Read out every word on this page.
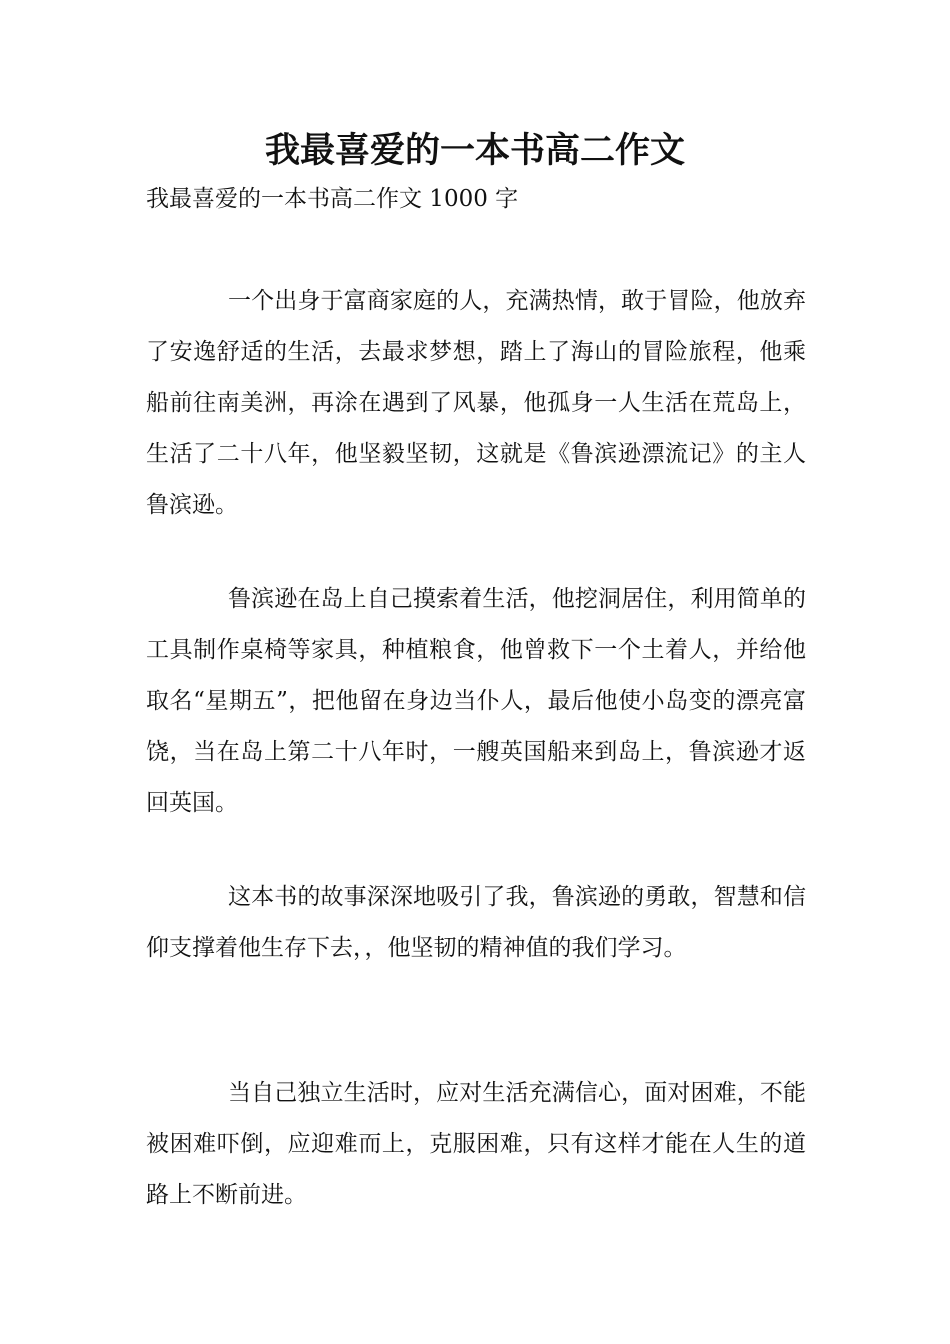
我最喜爱的一本书高二作文
我最喜爱的一本书高二作文 1000 字

一个出身于富商家庭的人，充满热情，敢于冒险，他放弃了安逸舒适的生活，去最求梦想，踏上了海山的冒险旅程，他乘船前往南美洲，再涂在遇到了风暴，他孤身一人生活在荒岛上，生活了二十八年，他坚毅坚韧，这就是《鲁滨逊漂流记》的主人鲁滨逊。

鲁滨逊在岛上自己摸索着生活，他挖洞居住，利用简单的工具制作桌椅等家具，种植粮食，他曾救下一个土着人，并给他取名“星期五”，把他留在身边当仆人，最后他使小岛变的漂亮富饶，当在岛上第二十八年时，一艘英国船来到岛上，鲁滨逊才返回英国。

这本书的故事深深地吸引了我，鲁滨逊的勇敢，智慧和信仰支撑着他生存下去，，他坚韧的精神值的我们学习。

当自己独立生活时，应对生活充满信心，面对困难，不能被困难吓倒，应迎难而上，克服困难，只有这样才能在人生的道路上不断前进。
